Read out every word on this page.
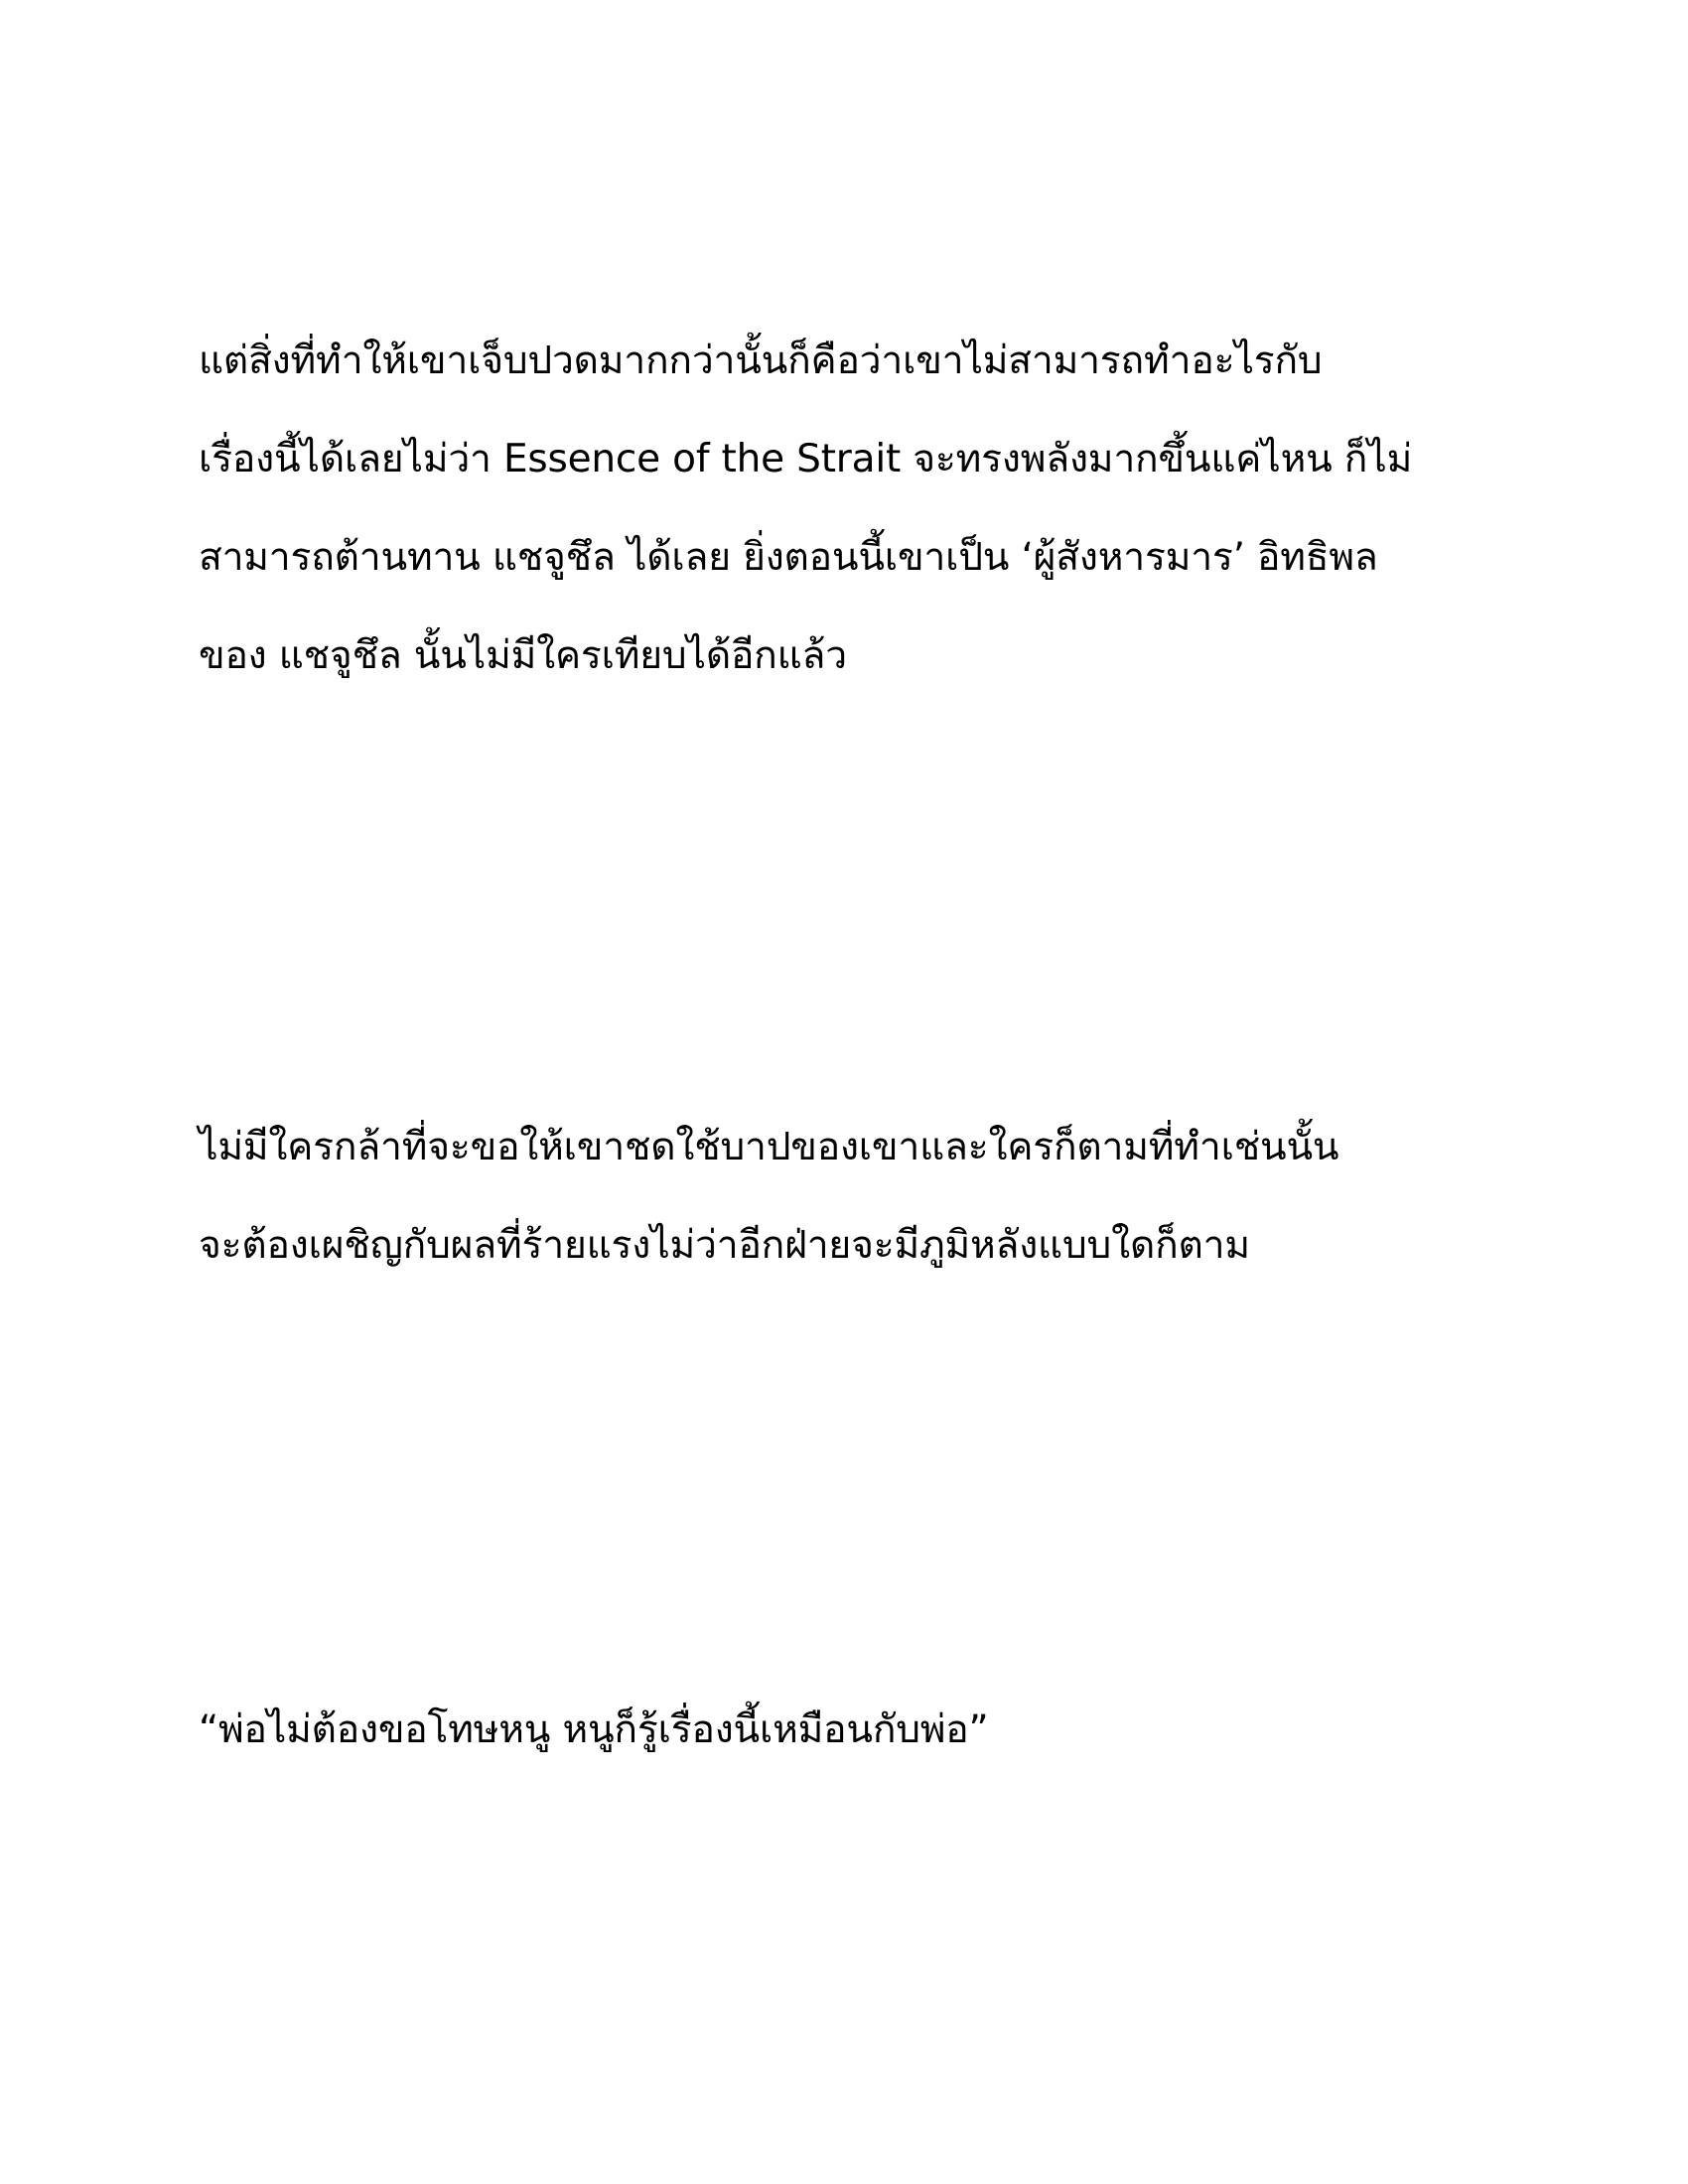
แต่สิ่งที่ทำให้เขาเจ็บปวดมากกว่านั้นก็คือว่าเขาไม่สามารถทำอะไรกับ
เรื่องนี้ได้เลยไม่ว่า Essence of the Strait จะทรงพลังมากขึ้นแค่ไหน ก็ไม่
สามารถต้านทาน แชจูชึล ได้เลย ยิ่งตอนนี้เขาเป็น ‘ผู้สังหารมาร’ อิทธิพล
ของ แชจูชึล นั้นไม่มีใครเทียบได้อีกแล้ว

ไม่มีใครกล้าที่จะขอให้เขาชดใช้บาปของเขาและใครก็ตามที่ทำเช่นนั้น
จะต้องเผชิญกับผลที่ร้ายแรงไม่ว่าอีกฝ่ายจะมีภูมิหลังแบบใดก็ตาม

“พ่อไม่ต้องขอโทษหนู หนูก็รู้เรื่องนี้เหมือนกับพ่อ”
